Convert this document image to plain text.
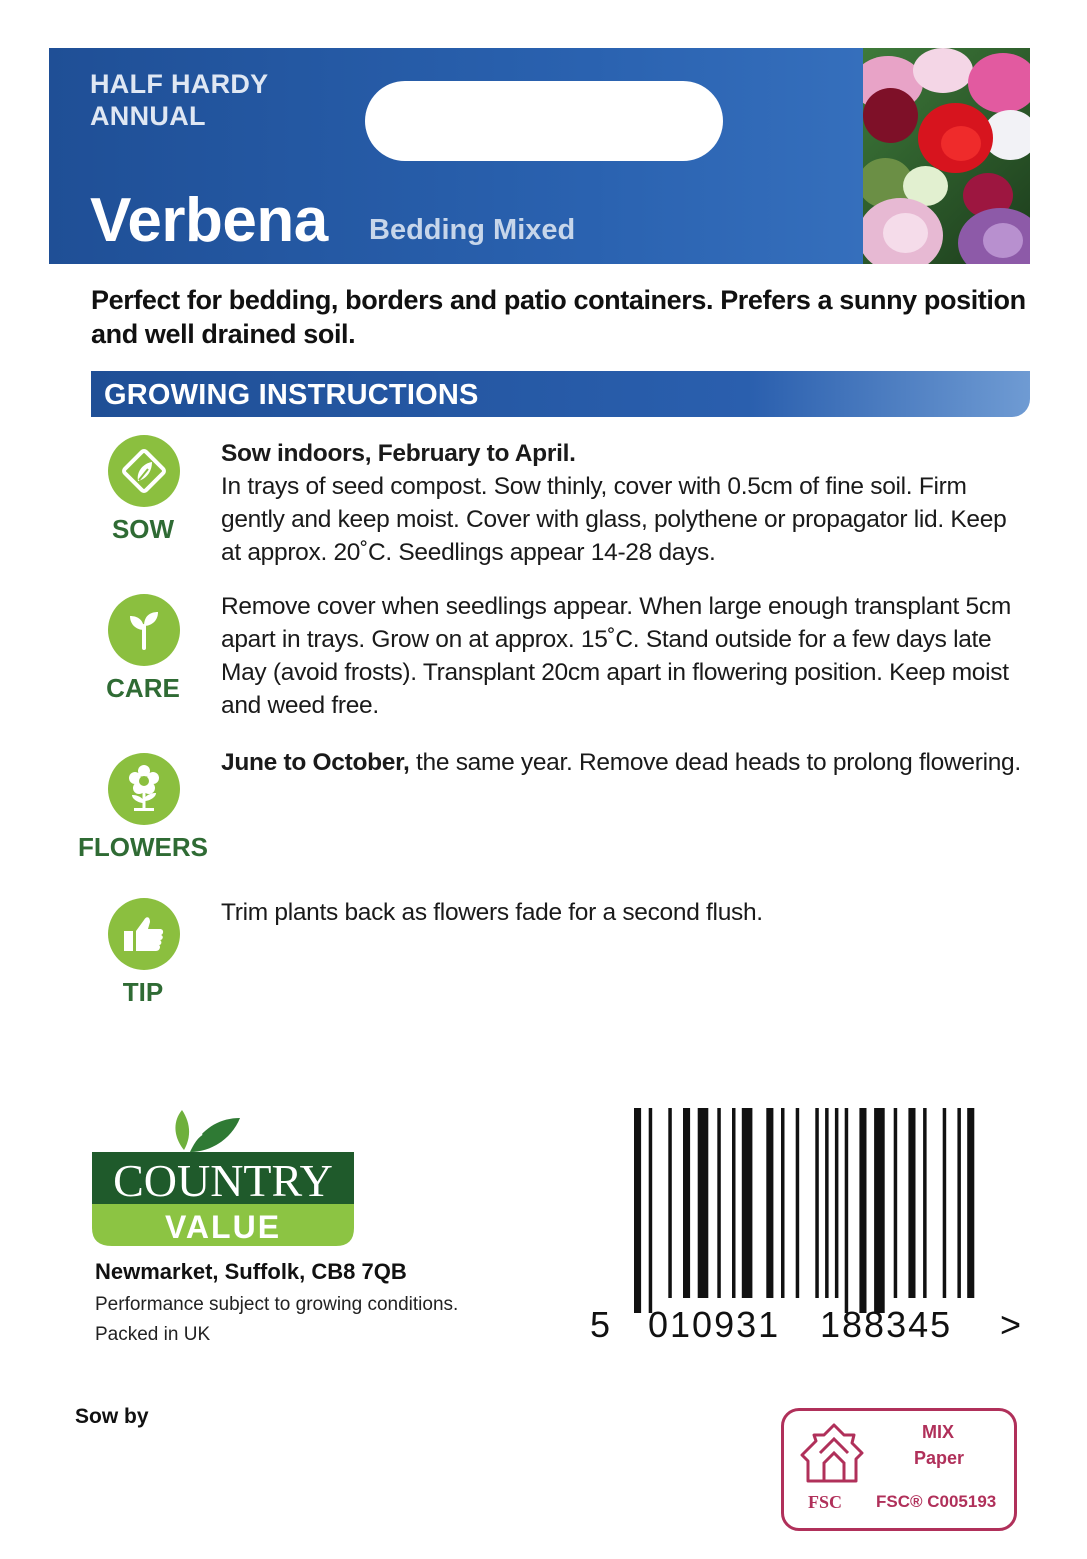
HALF HARDY
ANNUAL
Verbena Bedding Mixed
Perfect for bedding, borders and patio containers. Prefers a sunny position and well drained soil.
GROWING INSTRUCTIONS
SOW
Sow indoors, February to April.
In trays of seed compost. Sow thinly, cover with 0.5cm of fine soil. Firm gently and keep moist. Cover with glass, polythene or propagator lid. Keep at approx. 20˚C. Seedlings appear 14-28 days.
CARE
Remove cover when seedlings appear. When large enough transplant 5cm apart in trays. Grow on at approx. 15˚C. Stand outside for a few days late May (avoid frosts). Transplant 20cm apart in flowering position. Keep moist and weed free.
FLOWERS
June to October, the same year. Remove dead heads to prolong flowering.
TIP
Trim plants back as flowers fade for a second flush.
COUNTRY
VALUE
Newmarket, Suffolk, CB8 7QB
Performance subject to growing conditions.
Packed in UK	5 010931 188345 >
Sow by
MIX
Paper
FSC FSC® C005193
